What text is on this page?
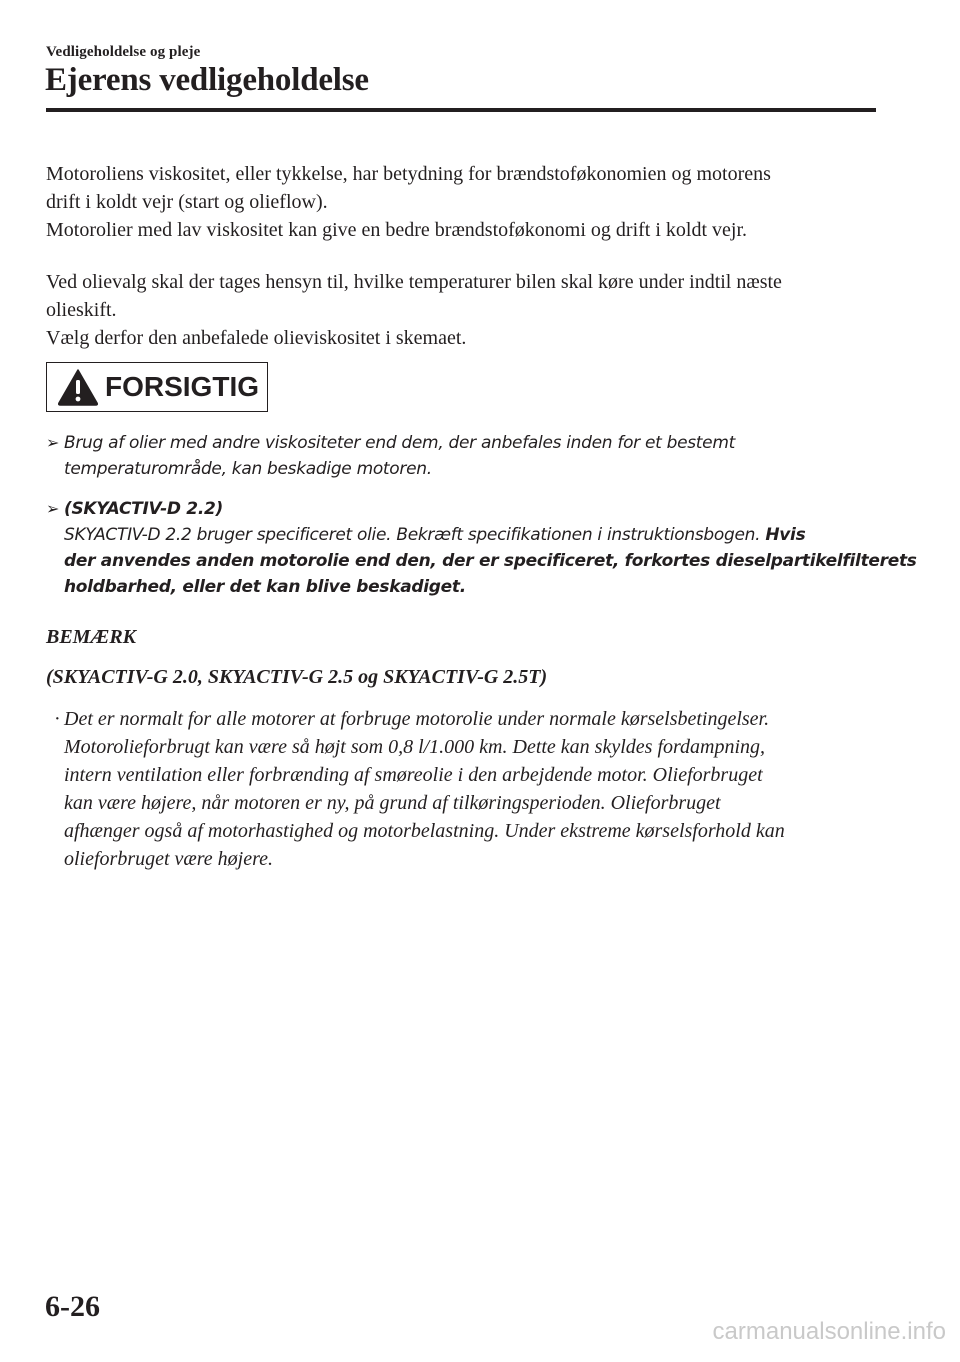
Vedligeholdelse og pleje
Ejerens vedligeholdelse
Motoroliens viskositet, eller tykkelse, har betydning for brændstoføkonomien og motorens
drift i koldt vejr (start og olieflow).
Motorolier med lav viskositet kan give en bedre brændstoføkonomi og drift i koldt vejr.
Ved olievalg skal der tages hensyn til, hvilke temperaturer bilen skal køre under indtil næste
olieskift.
Vælg derfor den anbefalede olieviskositet i skemaet.
FORSIGTIG
➢ Brug af olier med andre viskositeter end dem, der anbefales inden for et bestemt
temperaturområde, kan beskadige motoren.
➢ (SKYACTIV-D 2.2)
SKYACTIV-D 2.2 bruger specificeret olie. Bekræft specifikationen i instruktionsbogen. Hvis
der anvendes anden motorolie end den, der er specificeret, forkortes dieselpartikelfilterets
holdbarhed, eller det kan blive beskadiget.
BEMÆRK
(SKYACTIV-G 2.0, SKYACTIV-G 2.5 og SKYACTIV-G 2.5T)
· Det er normalt for alle motorer at forbruge motorolie under normale kørselsbetingelser.
Motorolieforbrugt kan være så højt som 0,8 l/1.000 km. Dette kan skyldes fordampning,
intern ventilation eller forbrænding af smøreolie i den arbejdende motor. Olieforbruget
kan være højere, når motoren er ny, på grund af tilkøringsperioden. Olieforbruget
afhænger også af motorhastighed og motorbelastning. Under ekstreme kørselsforhold kan
olieforbruget være højere.
6-26
carmanualsonline.info
